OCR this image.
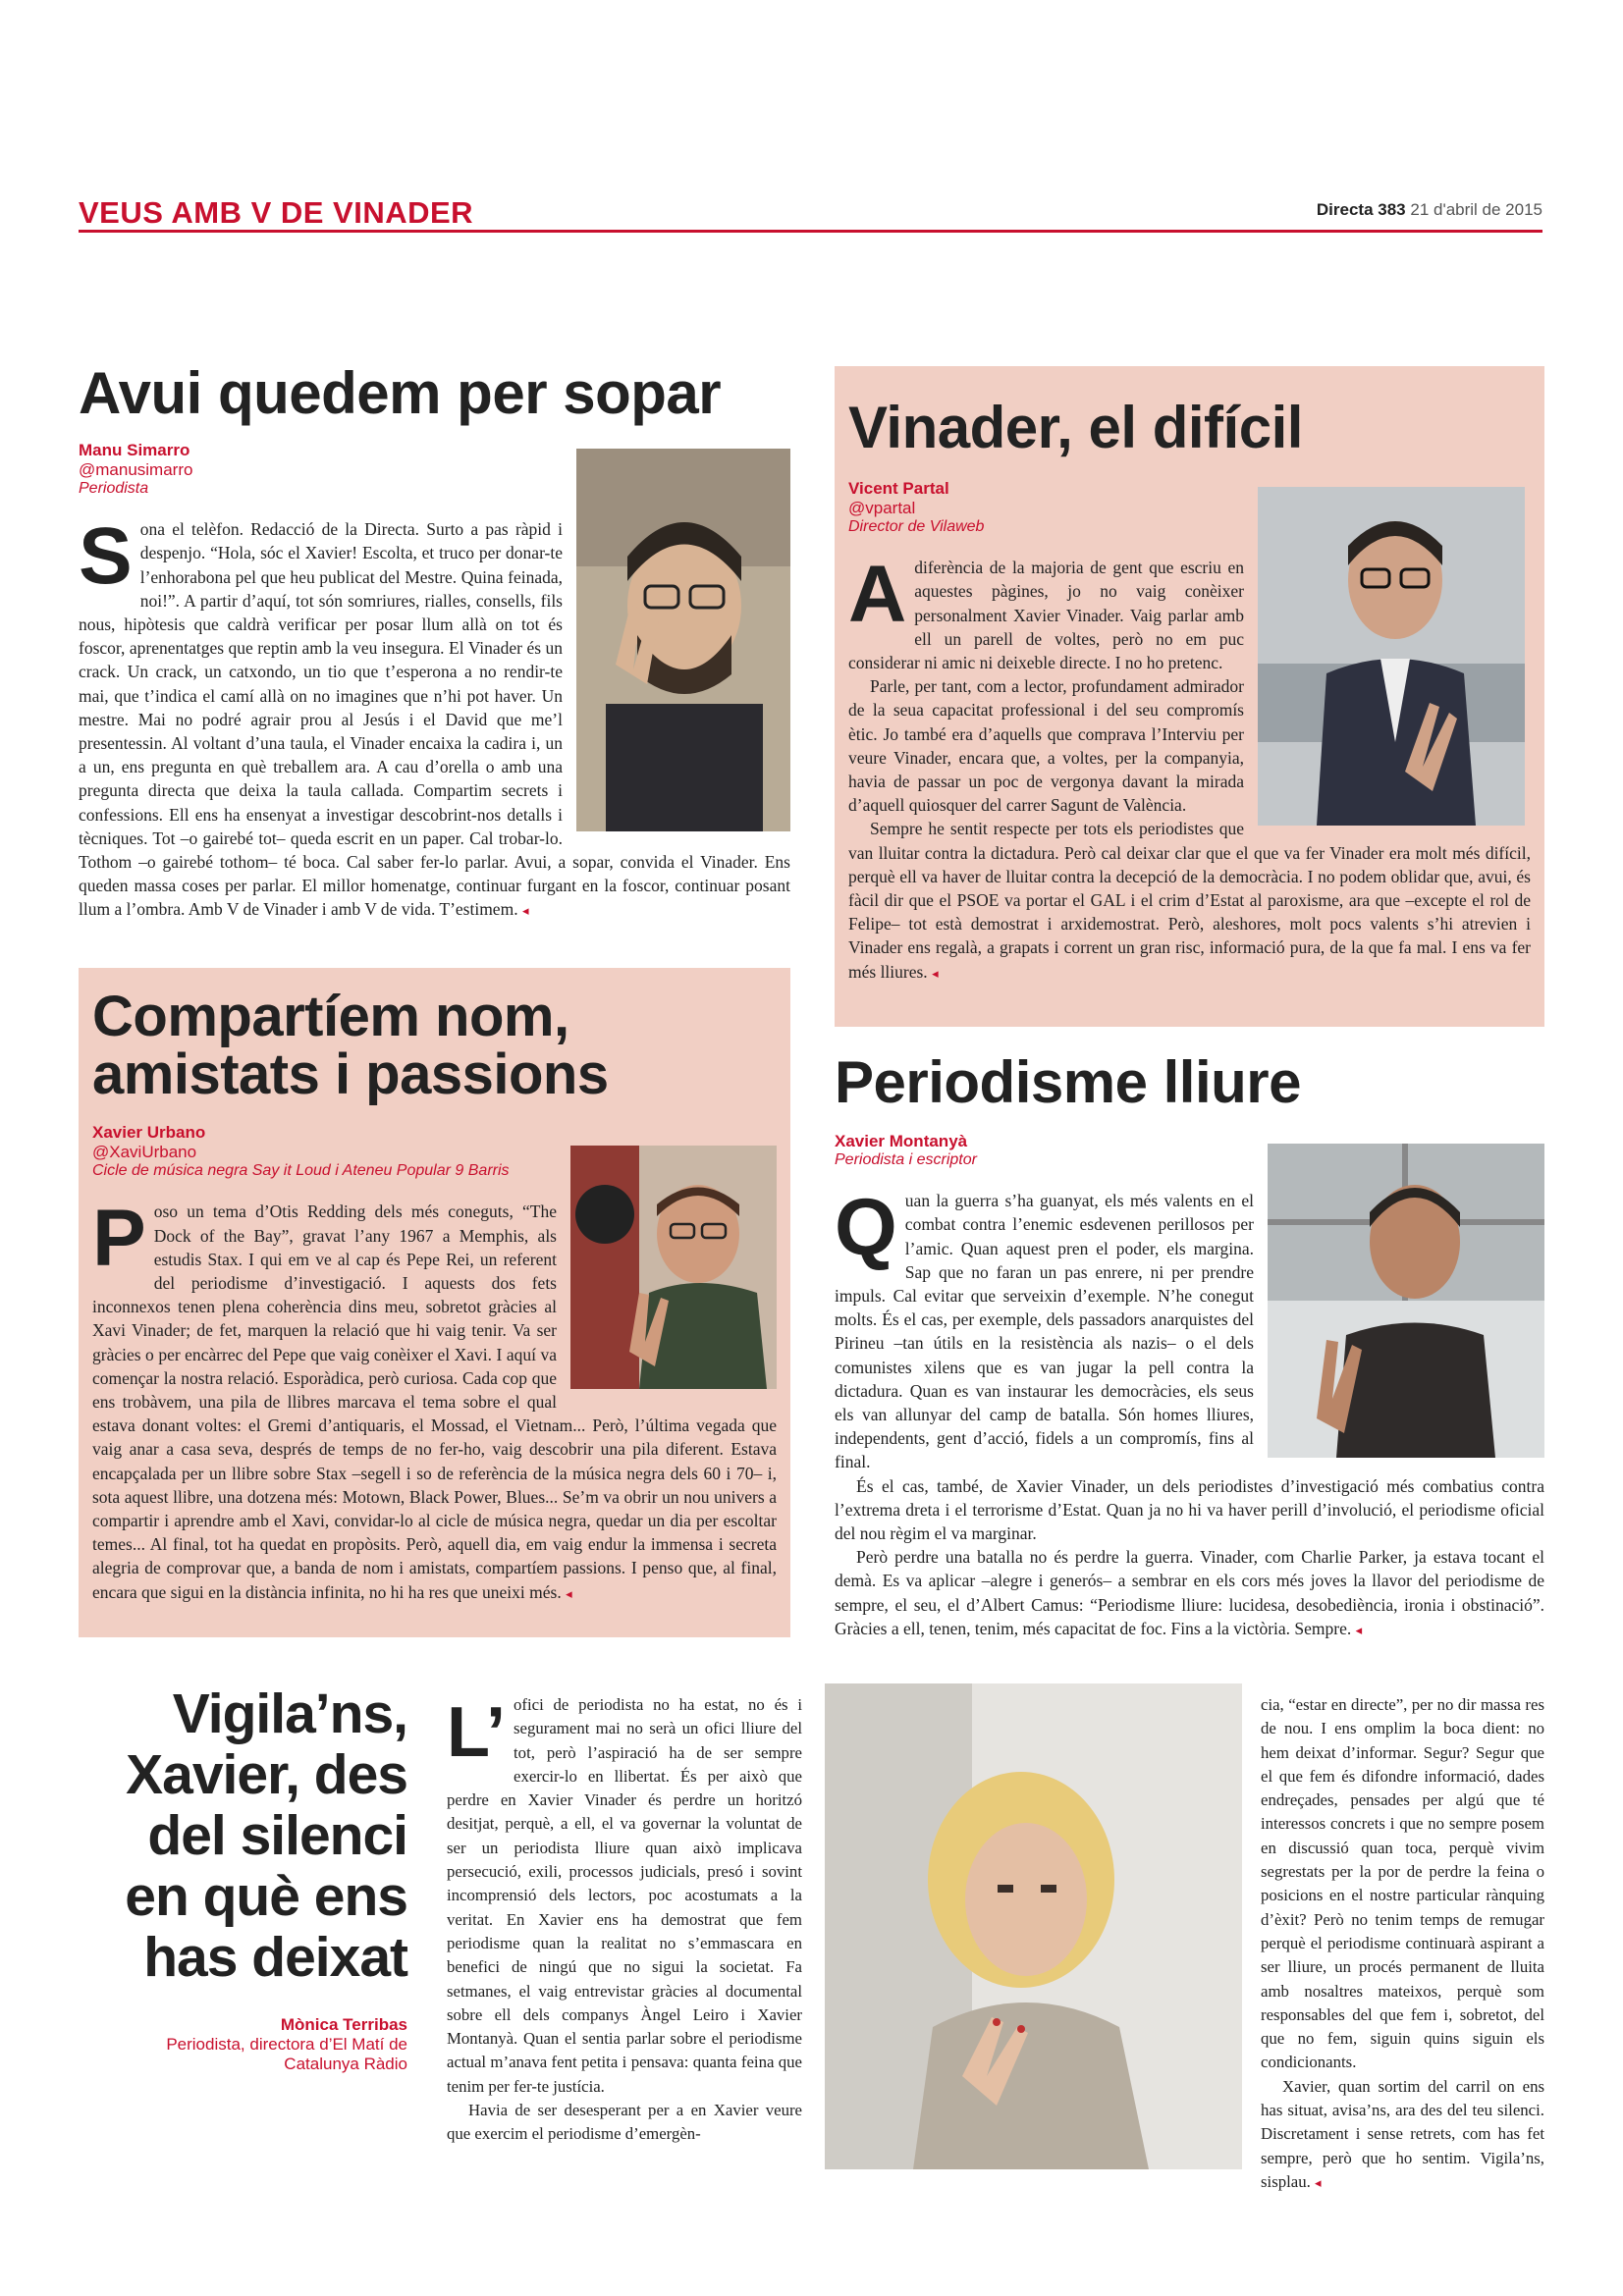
VEUS AMB V DE VINADER	Directa 383 21 d'abril de 2015
Avui quedem per sopar
Manu Simarro
@manusimarro
Periodista

Sona el telèfon. Redacció de la Directa. Surto a pas ràpid i despenjo. “Hola, sóc el Xavier! Escolta, et truco per donar-te l’enhorabona pel que heu publicat del Mestre. Quina feinada, noi!”. A partir d’aquí, tot són somriures, rialles, consells, fils nous, hipòtesis que caldrà verificar per posar llum allà on tot és foscor, aprenentatges que reptin amb la veu insegura. El Vinader és un crack. Un crack, un catxondo, un tio que t’esperona a no rendir-te mai, que t’indica el camí allà on no imagines que n’hi pot haver. Un mestre. Mai no podré agrair prou al Jesús i el David que me’l presentessin. Al voltant d’una taula, el Vinader encaixa la cadira i, un a un, ens pregunta en què treballem ara. A cau d’orella o amb una pregunta directa que deixa la taula callada. Compartim secrets i confessions. Ell ens ha ensenyat a investigar descobrint-nos detalls i tècniques. Tot –o gairebé tot– queda escrit en un paper. Cal trobar-lo. Tothom –o gairebé tothom– té boca. Cal saber fer-lo parlar. Avui, a sopar, convida el Vinader. Ens queden massa coses per parlar. El millor homenatge, continuar furgant en la foscor, continuar posant llum a l’ombra. Amb V de Vinader i amb V de vida. T’estimem. ◂

Vinader, el difícil
Vicent Partal
@vpartal
Director de Vilaweb

Adiferència de la majoria de gent que escriu en aquestes pàgines, jo no vaig conèixer personalment Xavier Vinader. Vaig parlar amb ell un parell de voltes, però no em puc considerar ni amic ni deixeble directe. I no ho pretenc.

Parle, per tant, com a lector, profundament admirador de la seua capacitat professional i del seu compromís ètic. Jo també era d’aquells que comprava l’Interviu per veure Vinader, encara que, a voltes, per la companyia, havia de passar un poc de vergonya davant la mirada d’aquell quiosquer del carrer Sagunt de València.

Sempre he sentit respecte per tots els periodistes que van lluitar contra la dictadura. Però cal deixar clar que el que va fer Vinader era molt més difícil, perquè ell va haver de lluitar contra la decepció de la democràcia. I no podem oblidar que, avui, és fàcil dir que el PSOE va portar el GAL i el crim d’Estat al paroxisme, ara que –excepte el rol de Felipe– tot està demostrat i arxidemostrat. Però, aleshores, molt pocs valents s’hi atrevien i Vinader ens regalà, a grapats i corrent un gran risc, informació pura, de la que fa mal. I ens va fer més lliures. ◂

Compartíem nom,
amistats i passions
Xavier Urbano
@XaviUrbano
Cicle de música negra Say it Loud i Ateneu Popular 9 Barris

Poso un tema d’Otis Redding dels més coneguts, “The Dock of the Bay”, gravat l’any 1967 a Memphis, als estudis Stax. I qui em ve al cap és Pepe Rei, un referent del periodisme d’investigació. I aquests dos fets inconnexos tenen plena coherència dins meu, sobretot gràcies al Xavi Vinader; de fet, marquen la relació que hi vaig tenir. Va ser gràcies o per encàrrec del Pepe que vaig conèixer el Xavi. I aquí va començar la nostra relació. Esporàdica, però curiosa. Cada cop que ens trobàvem, una pila de llibres marcava el tema sobre el qual estava donant voltes: el Gremi d’antiquaris, el Mossad, el Vietnam... Però, l’última vegada que vaig anar a casa seva, després de temps de no fer-ho, vaig descobrir una pila diferent. Estava encapçalada per un llibre sobre Stax –segell i so de referència de la música negra dels 60 i 70– i, sota aquest llibre, una dotzena més: Motown, Black Power, Blues... Se’m va obrir un nou univers a compartir i aprendre amb el Xavi, convidar-lo al cicle de música negra, quedar un dia per escoltar temes... Al final, tot ha quedat en propòsits. Però, aquell dia, em vaig endur la immensa i secreta alegria de comprovar que, a banda de nom i amistats, compartíem passions. I penso que, al final, encara que sigui en la distància infinita, no hi ha res que uneixi més. ◂

Periodisme lliure
Xavier Montanyà
Periodista i escriptor

Quan la guerra s’ha guanyat, els més valents en el combat contra l’enemic esdevenen perillosos per l’amic. Quan aquest pren el poder, els margina. Sap que no faran un pas enrere, ni per prendre impuls. Cal evitar que serveixin d’exemple. N’he conegut molts. És el cas, per exemple, dels passadors anarquistes del Pirineu –tan útils en la resistència als nazis– o el dels comunistes xilens que es van jugar la pell contra la dictadura. Quan es van instaurar les democràcies, els seus els van allunyar del camp de batalla. Són homes lliures, independents, gent d’acció, fidels a un compromís, fins al final.

És el cas, també, de Xavier Vinader, un dels periodistes d’investigació més combatius contra l’extrema dreta i el terrorisme d’Estat. Quan ja no hi va haver perill d’involució, el periodisme oficial del nou règim el va marginar.

Però perdre una batalla no és perdre la guerra. Vinader, com Charlie Parker, ja estava tocant el demà. Es va aplicar –alegre i generós– a sembrar en els cors més joves la llavor del periodisme de sempre, el seu, el d’Albert Camus: “Periodisme lliure: lucidesa, desobediència, ironia i obstinació”. Gràcies a ell, tenen, tenim, més capacitat de foc. Fins a la victòria. Sempre. ◂

Vigila’ns,
Xavier, des
del silenci
en què ens
has deixat
Mònica Terribas
Periodista, directora d’El Matí de Catalunya Ràdio

L’ ofici de periodista no ha estat, no és i segurament mai no serà un ofici lliure del tot, però l’aspiració ha de ser sempre exercir-lo en llibertat. És per això que perdre en Xavier Vinader és perdre un horitzó desitjat, perquè, a ell, el va governar la voluntat de ser un periodista lliure quan això implicava persecució, exili, processos judicials, presó i sovint incomprensió dels lectors, poc acostumats a la veritat. En Xavier ens ha demostrat que fem periodisme quan la realitat no s’emmascara en benefici de ningú que no sigui la societat. Fa setmanes, el vaig entrevistar gràcies al documental sobre ell dels companys Àngel Leiro i Xavier Montanyà. Quan el sentia parlar sobre el periodisme actual m’anava fent petita i pensava: quanta feina que tenim per fer-te justícia.

Havia de ser desesperant per a en Xavier veure que exercim el periodisme d’emergèn-

cia, “estar en directe”, per no dir massa res de nou. I ens omplim la boca dient: no hem deixat d’informar. Segur? Segur que el que fem és difondre informació, dades endreçades, pensades per algú que té interessos concrets i que no sempre posem en discussió quan toca, perquè vivim segrestats per la por de perdre la feina o posicions en el nostre particular rànquing d’èxit? Però no tenim temps de remugar perquè el periodisme continuarà aspirant a ser lliure, un procés permanent de lluita amb nosaltres mateixos, perquè som responsables del que fem i, sobretot, del que no fem, siguin quins siguin els condicionants.

Xavier, quan sortim del carril on ens has situat, avisa’ns, ara des del teu silenci. Discretament i sense retrets, com has fet sempre, però que ho sentim. Vigila’ns, sisplau. ◂
